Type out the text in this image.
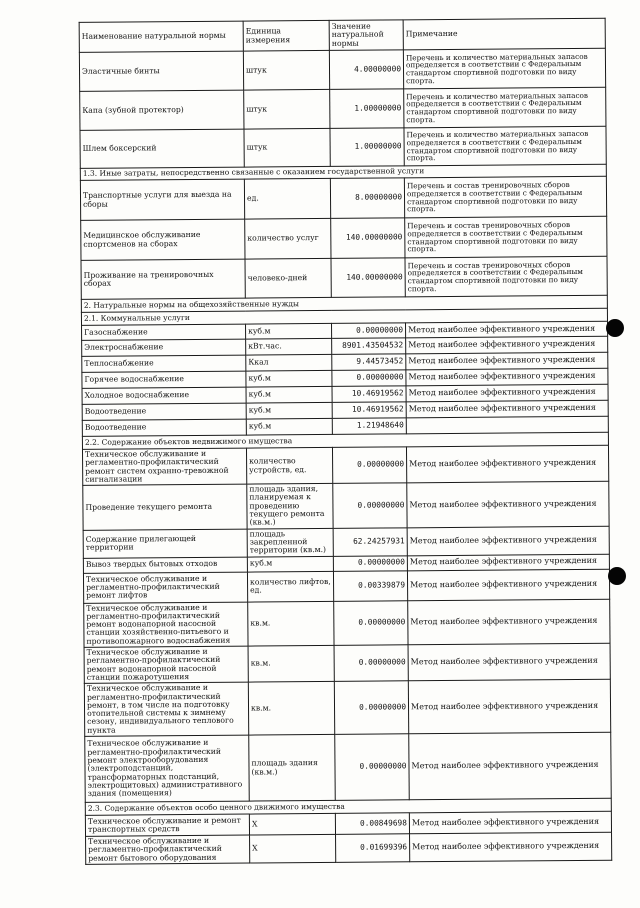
Наименование натуральной нормы	Единица измерения	Значение натуральной нормы	Примечание
Эластичные бинты	штук	4.00000000	Перечень и количество материальных запасов определяется в соответствии с Федеральным стандартом спортивной подготовки по виду спорта.
Капа (зубной протектор)	штук	1.00000000	Перечень и количество материальных запасов определяется в соответствии с Федеральным стандартом спортивной подготовки по виду спорта.
Шлем боксерский	штук	1.00000000	Перечень и количество материальных запасов определяется в соответствии с Федеральным стандартом спортивной подготовки по виду спорта.
1.3. Иные затраты, непосредственно связанные с оказанием государственной услуги			
Транспортные услуги для выезда на сборы	ед.	8.00000000	Перечень и состав тренировочных сборов определяется в соответствии с Федеральным стандартом спортивной подготовки по виду спорта.
Медицинское обслуживание спортсменов на сборах	количество услуг	140.00000000	Перечень и состав тренировочных сборов определяется в соответствии с Федеральным стандартом спортивной подготовки по виду спорта.
Проживание на тренировочных сборах	человеко-дней	140.00000000	Перечень и состав тренировочных сборов определяется в соответствии с Федеральным стандартом спортивной подготовки по виду спорта.
2. Натуральные нормы на общехозяйственные нужды			
2.1. Коммунальные услуги			
Газоснабжение	куб.м	0.00000000	Метод наиболее эффективного учреждения
Электроснабжение	кВт.час.	8901.43504532	Метод наиболее эффективного учреждения
Теплоснабжение	Ккал	9.44573452	Метод наиболее эффективного учреждения
Горячее водоснабжение	куб.м	0.00000000	Метод наиболее эффективного учреждения
Холодное водоснабжение	куб.м	10.46919562	Метод наиболее эффективного учреждения
Водоотведение	куб.м	10.46919562	Метод наиболее эффективного учреждения
Водоотведение	куб.м	1.21948640	
2.2. Содержание объектов недвижимого имущества			
Техническое обслуживание и регламентно-профилактический ремонт систем охранно-тревожной сигнализации	количество устройств, ед.	0.00000000	Метод наиболее эффективного учреждения
Проведение текущего ремонта	площадь здания, планируемая к проведению текущего ремонта (кв.м.)	0.00000000	Метод наиболее эффективного учреждения
Содержание прилегающей территории	площадь закрепленной территории (кв.м.)	62.24257931	Метод наиболее эффективного учреждения
Вывоз твердых бытовых отходов	куб.м	0.00000000	Метод наиболее эффективного учреждения
Техническое обслуживание и регламентно-профилактический ремонт лифтов	количество лифтов, ед.	0.00339879	Метод наиболее эффективного учреждения
Техническое обслуживание и регламентно-профилактический ремонт водонапорной насосной станции хозяйственно-питьевого и противопожарного водоснабжения	кв.м.	0.00000000	Метод наиболее эффективного учреждения
Техническое обслуживание и регламентно-профилактический ремонт водонапорной насосной станции пожаротушения	кв.м.	0.00000000	Метод наиболее эффективного учреждения
Техническое обслуживание и регламентно-профилактический ремонт, в том числе на подготовку отопительной системы к зимнему сезону, индивидуального теплового пункта	кв.м.	0.00000000	Метод наиболее эффективного учреждения
Техническое обслуживание и регламентно-профилактический ремонт электрооборудования (электроподстанций, трансформаторных подстанций, электрощитовых) административного здания (помещения)	площадь здания (кв.м.)	0.00000000	Метод наиболее эффективного учреждения
2.3. Содержание объектов особо ценного движимого имущества			
Техническое обслуживание и ремонт транспортных средств	Х	0.00849698	Метод наиболее эффективного учреждения
Техническое обслуживание и регламентно-профилактический ремонт бытового оборудования	Х	0.01699396	Метод наиболее эффективного учреждения
